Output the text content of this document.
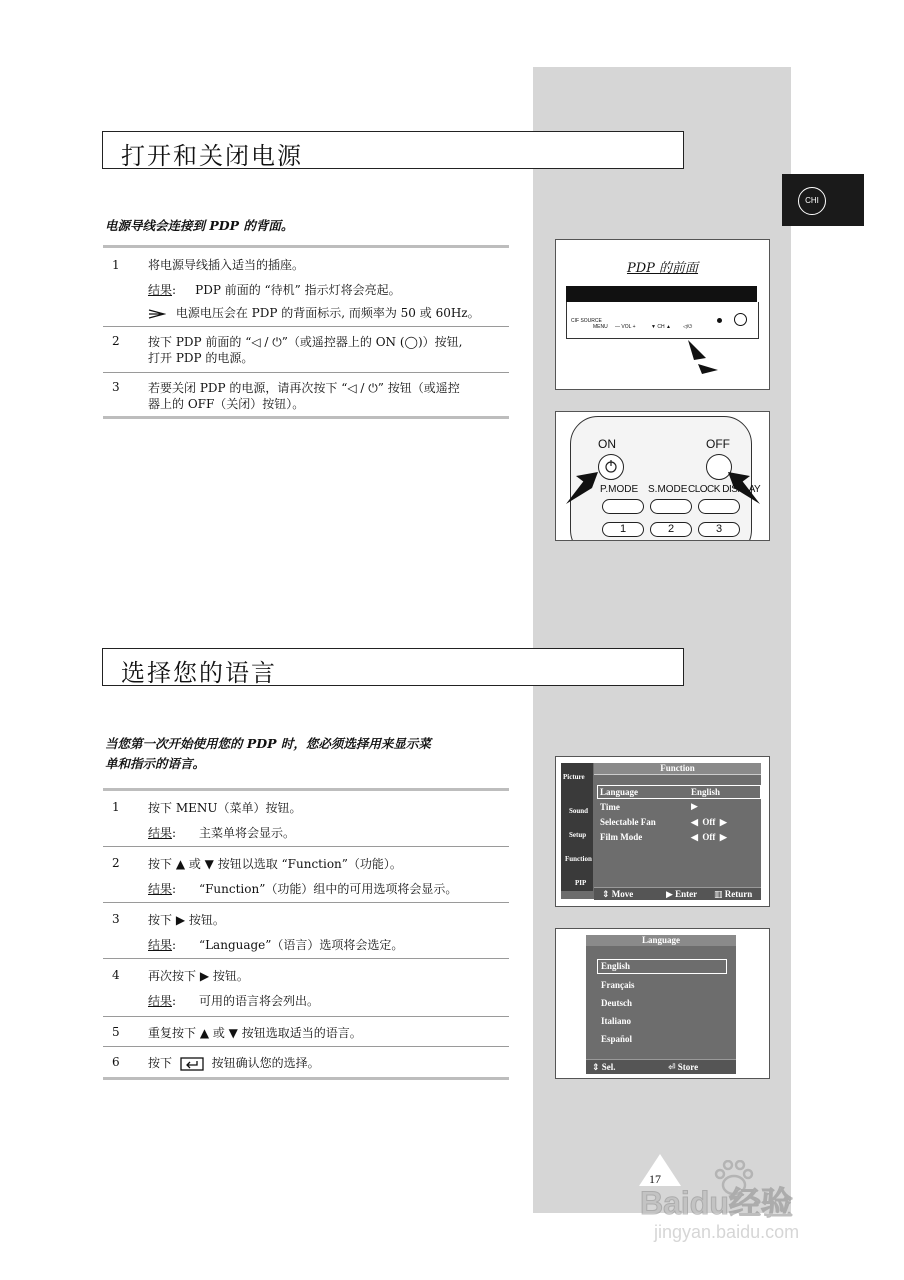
CHI
打开和关闭电源
电源导线会连接到 PDP 的背面。
1 将电源导线插入适当的插座。
结果:     PDP 前面的 “待机” 指示灯将会亮起。
电源电压会在 PDP 的背面标示, 而频率为 50 或 60Hz。
2 按下 PDP 前面的 “◁ / ⏻”（或遥控器上的 ON (◯)）按钮,
打开 PDP 的电源。
3 若要关闭 PDP 的电源，请再次按下 “◁ / ⏻” 按钮（或遥控
器上的 OFF（关闭）按钮）。
PDP 的前面
CIF SOURCE
MENU — VOL +	▼ CH ▲ ◁/⏻
ON	OFF
P.MODE S.MODE CLOCK DISPLAY
1	2	3
选择您的语言
当您第一次开始使用您的 PDP 时，您必须选择用来显示菜
单和指示的语言。
1 按下 MENU（菜单）按钮。
结果:      主菜单将会显示。
2 按下 ▲ 或 ▼ 按钮以选取 “Function”（功能）。
结果:      “Function”（功能）组中的可用选项将会显示。
3 按下 ▶ 按钮。
结果:      “Language”（语言）选项将会选定。
4 再次按下 ▶ 按钮。
结果:      可用的语言将会列出。
5 重复按下 ▲ 或 ▼ 按钮选取适当的语言。
6 按下	按钮确认您的选择。
Function
Picture
Sound
Setup
Function
PIP
Language	English
Time	▶
Selectable Fan	◀  Off  ▶
Film Mode	◀  Off  ▶
⇕ Move	▶ Enter ▥ Return
Language
English
Français
Deutsch
Italiano
Español
⇕ Sel.	⏎ Store
17
Baidu经验
jingyan.baidu.com
